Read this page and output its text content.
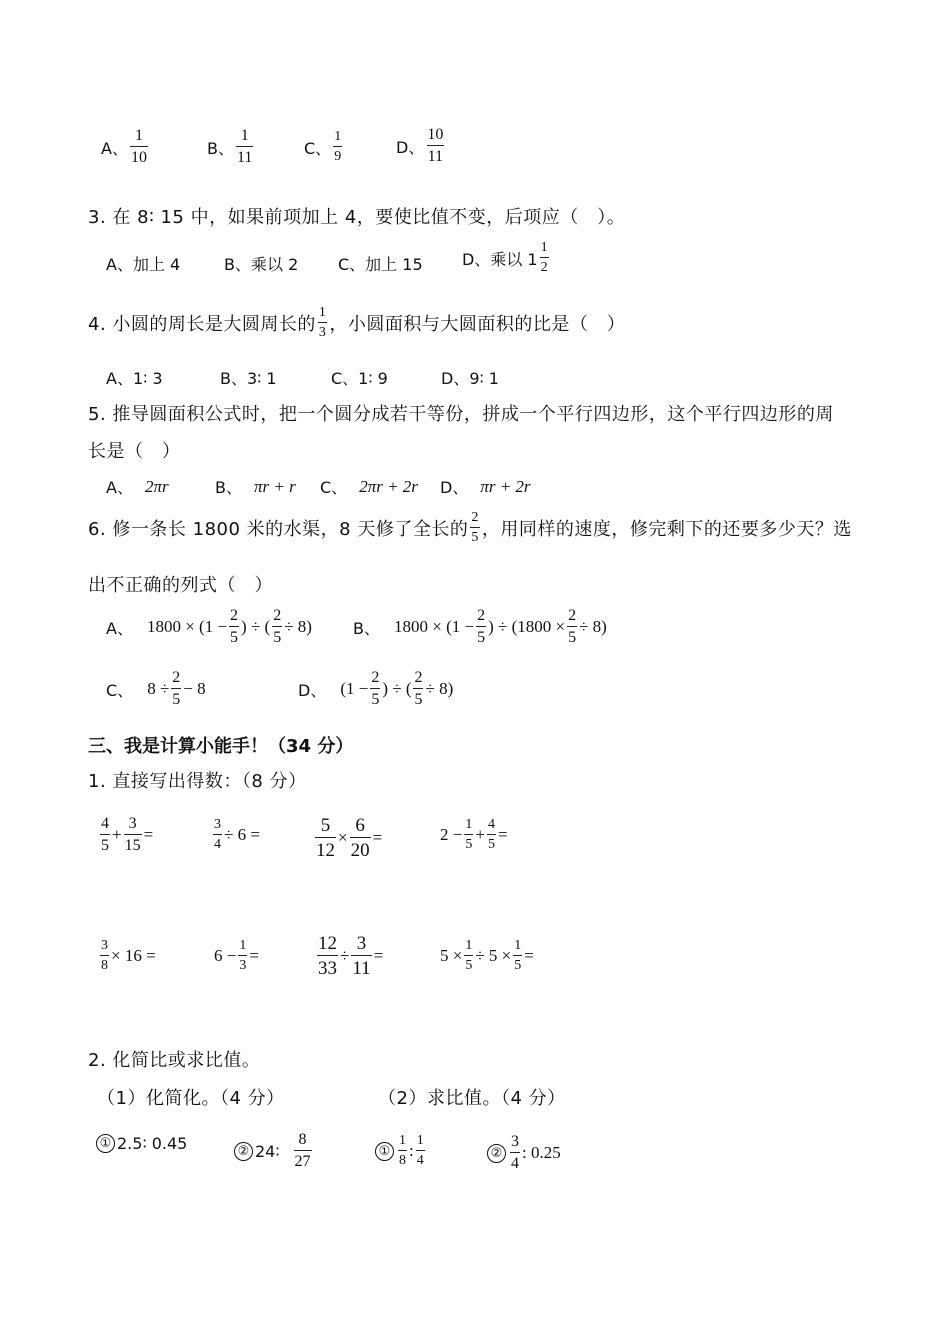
A、 $\frac{1}{10}$	B、 $\frac{1}{11}$	C、 $\frac{1}{9}$	D、 $\frac{10}{11}$
3. 在 8∶ 15 中，如果前项加上 4，要使比值不变，后项应（　）。
A、加上 4	B、乘以 2 C、加上 15 D、乘以 $1 \frac{1}{2}$
4. 小圆的周长是大圆周长的 $\frac{1}{3}$ ，小圆面积与大圆面积的比是（　）
A、1∶ 3	B、3∶ 1	C、1∶ 9	D、9∶ 1
5. 推导圆面积公式时，把一个圆分成若干等份，拼成一个平行四边形，这个平行四边形的周
长是（　）
A、 2πr	B、 πr + r C、 2πr + 2r D、 πr + 2r
6. 修一条长 1800 米的水渠，8 天修了全长的 $\frac{2}{5}$ ，用同样的速度，修完剩下的还要多少天？选
出不正确的列式（　）
A、 $1800 \times (1 - \frac{2}{5}$ ) ÷ ( $\frac{2}{5} \div 8$)	B、 $1800 \times (1 - \frac{2}{5}$ ) ÷ $(1800 \times \frac{2}{5} \div 8)$
C、 $8 \div \frac{2}{5} - 8$	D、 ($1 - \frac{2}{5}$ ) ÷ ( $\frac{2}{5} \div 8$)
三、我是计算小能手！（34 分）
1. 直接写出得数：（8 分）
$\frac{4}{5} + \frac{3}{15}$ =	$\frac{3}{4} \div 6$ =	$\frac{5}{12} \times \frac{6}{20}$ =	$2 - \frac{1}{5} + \frac{4}{5}$ =
$\frac{3}{8} \times 16$ =	$6 - \frac{1}{3}$ =	$\frac{12}{33} \div \frac{3}{11}$ =	$5 \times \frac{1}{5} \div 5 \times \frac{1}{5}$ =
2. 化简比或求比值。
（1）化简化。（4 分）	（2）求比值。（4 分）
① 2.5∶ 0.45	② 24∶ $\frac{8}{27}$	① $\frac{1}{8}$ : $\frac{1}{4}$	② $\frac{3}{4}$ : 0.25
